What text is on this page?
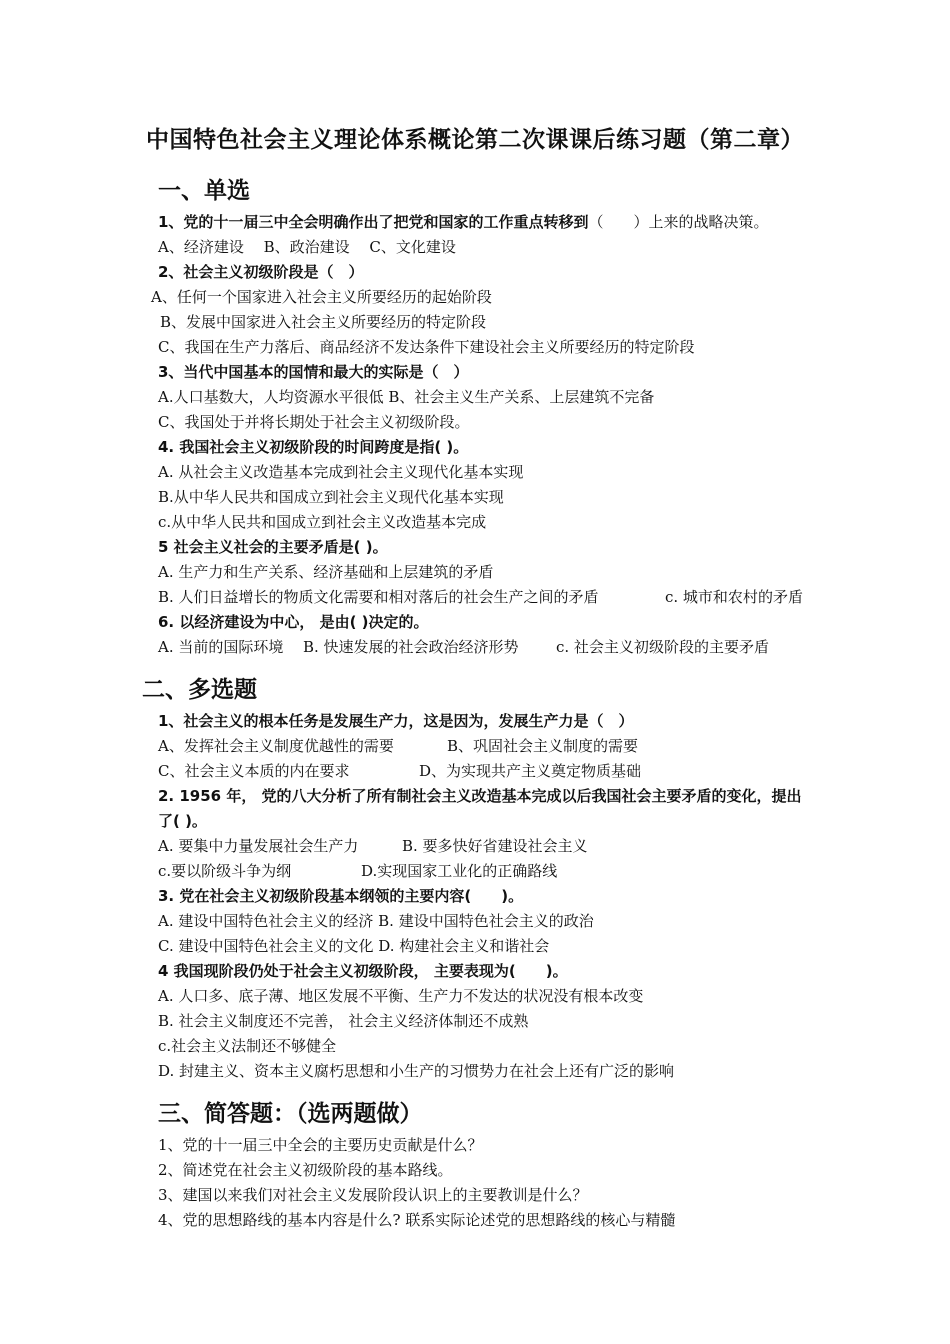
中国特色社会主义理论体系概论第二次课课后练习题（第二章）
一、单选
1、党的十一届三中全会明确作出了把党和国家的工作重点转移到（　　）上来的战略决策。
A、经济建设　 B、政治建设　 C、文化建设
2、社会主义初级阶段是（　）
A、任何一个国家进入社会主义所要经历的起始阶段
B、发展中国家进入社会主义所要经历的特定阶段
C、我国在生产力落后、商品经济不发达条件下建设社会主义所要经历的特定阶段
3、当代中国基本的国情和最大的实际是（　）
A.人口基数大，人均资源水平很低 B、社会主义生产关系、上层建筑不完备
C、我国处于并将长期处于社会主义初级阶段。
4. 我国社会主义初级阶段的时间跨度是指( )。
A. 从社会主义改造基本完成到社会主义现代化基本实现
B.从中华人民共和国成立到社会主义现代化基本实现
c.从中华人民共和国成立到社会主义改造基本完成
5 社会主义社会的主要矛盾是( )。
A. 生产力和生产关系、经济基础和上层建筑的矛盾
B. 人们日益增长的物质文化需要和相对落后的社会生产之间的矛盾	c. 城市和农村的矛盾
6. 以经济建设为中心， 是由( )决定的。
A. 当前的国际环境 B. 快速发展的社会政治经济形势 c. 社会主义初级阶段的主要矛盾
二、多选题
1、社会主义的根本任务是发展生产力，这是因为，发展生产力是（　）
A、发挥社会主义制度优越性的需要	B、巩固社会主义制度的需要
C、社会主义本质的内在要求	D、为实现共产主义奠定物质基础
2. 1956 年， 党的八大分析了所有制社会主义改造基本完成以后我国社会主要矛盾的变化，提出
了( )。
A. 要集中力量发展社会生产力	B. 要多快好省建设社会主义
c.要以阶级斗争为纲	D.实现国家工业化的正确路线
3. 党在社会主义初级阶段基本纲领的主要内容(　　)。
A. 建设中国特色社会主义的经济 B. 建设中国特色社会主义的政治
C. 建设中国特色社会主义的文化 D. 构建社会主义和谐社会
4 我国现阶段仍处于社会主义初级阶段， 主要表现为(　　)。
A. 人口多、底子薄、地区发展不平衡、生产力不发达的状况没有根本改变
B. 社会主义制度还不完善， 社会主义经济体制还不成熟
c.社会主义法制还不够健全
D. 封建主义、资本主义腐朽思想和小生产的习惯势力在社会上还有广泛的影响
三、简答题：（选两题做）
1、党的十一届三中全会的主要历史贡献是什么？
2、简述党在社会主义初级阶段的基本路线。
3、建国以来我们对社会主义发展阶段认识上的主要教训是什么？
4、党的思想路线的基本内容是什么? 联系实际论述党的思想路线的核心与精髓
